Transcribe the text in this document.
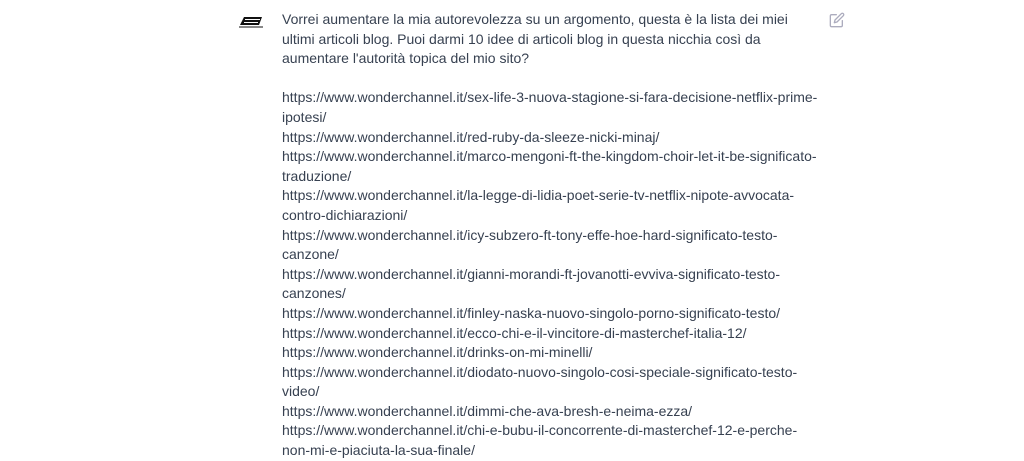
Vorrei aumentare la mia autorevolezza su un argomento, questa è la lista dei miei ultimi articoli blog. Puoi darmi 10 idee di articoli blog in questa nicchia così da aumentare l'autorità topica del mio sito?

https://www.wonderchannel.it/sex-life-3-nuova-stagione-si-fara-decisione-netflix-prime-ipotesi/
https://www.wonderchannel.it/red-ruby-da-sleeze-nicki-minaj/
https://www.wonderchannel.it/marco-mengoni-ft-the-kingdom-choir-let-it-be-significato-traduzione/
https://www.wonderchannel.it/la-legge-di-lidia-poet-serie-tv-netflix-nipote-avvocata-contro-dichiarazioni/
https://www.wonderchannel.it/icy-subzero-ft-tony-effe-hoe-hard-significato-testo-canzone/
https://www.wonderchannel.it/gianni-morandi-ft-jovanotti-evviva-significato-testo-canzones/
https://www.wonderchannel.it/finley-naska-nuovo-singolo-porno-significato-testo/
https://www.wonderchannel.it/ecco-chi-e-il-vincitore-di-masterchef-italia-12/
https://www.wonderchannel.it/drinks-on-mi-minelli/
https://www.wonderchannel.it/diodato-nuovo-singolo-cosi-speciale-significato-testo-video/
https://www.wonderchannel.it/dimmi-che-ava-bresh-e-neima-ezza/
https://www.wonderchannel.it/chi-e-bubu-il-concorrente-di-masterchef-12-e-perche-non-mi-e-piaciuta-la-sua-finale/
